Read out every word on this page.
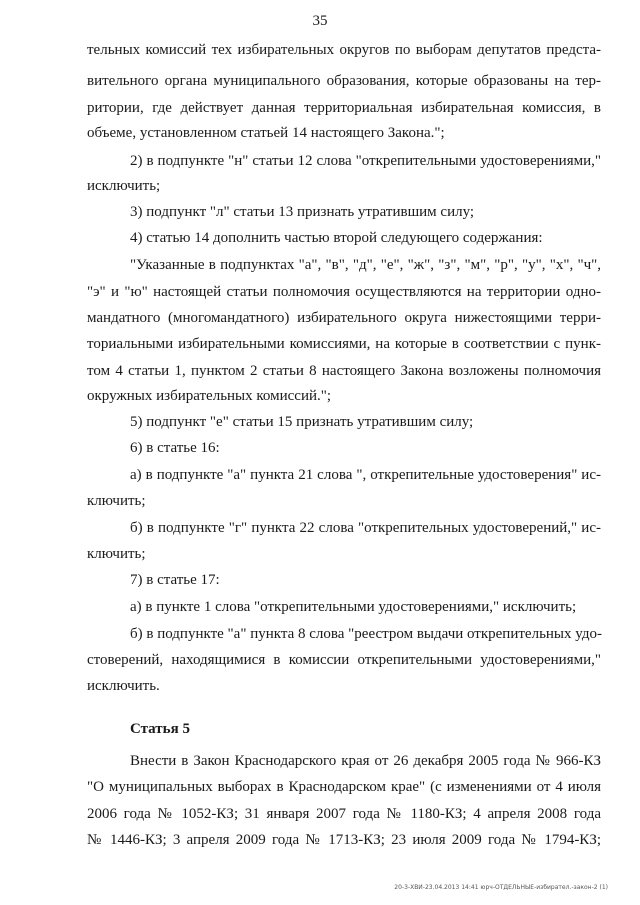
35
тельных комиссий тех избирательных округов по выборам депутатов предста-
вительного органа муниципального образования, которые образованы на тер-
ритории, где действует данная территориальная избирательная комиссия, в
объеме, установленном статьей 14 настоящего Закона.";
2) в подпункте "н" статьи 12 слова "открепительными удостоверениями,"
исключить;
3) подпункт "л" статьи 13 признать утратившим силу;
4) статью 14 дополнить частью второй следующего содержания:
"Указанные в подпунктах "а", "в", "д", "е", "ж", "з", "м", "р", "у", "х", "ч",
"э" и "ю" настоящей статьи полномочия осуществляются на территории одно-
мандатного (многомандатного) избирательного округа нижестоящими терри-
ториальными избирательными комиссиями, на которые в соответствии с пунк-
том 4 статьи 1, пунктом 2 статьи 8 настоящего Закона возложены полномочия
окружных избирательных комиссий.";
5) подпункт "е" статьи 15 признать утратившим силу;
6) в статье 16:
а) в подпункте "а" пункта 21 слова ", открепительные удостоверения" ис-
ключить;
б) в подпункте "г" пункта 22 слова "открепительных удостоверений," ис-
ключить;
7) в статье 17:
а) в пункте 1 слова "открепительными удостоверениями," исключить;
б) в подпункте "а" пункта 8 слова "реестром выдачи открепительных удо-
стоверений, находящимися в комиссии открепительными удостоверениями,"
исключить.
Статья 5
Внести в Закон Краснодарского края от 26 декабря 2005 года № 966-КЗ
"О муниципальных выборах в Краснодарском крае" (с изменениями от 4 июля
2006 года № 1052-КЗ; 31 января 2007 года № 1180-КЗ; 4 апреля 2008 года
№ 1446-КЗ; 3 апреля 2009 года № 1713-КЗ; 23 июля 2009 года № 1794-КЗ;
20-3-ХВИ-23.04.2013 14:41 юрч-ОТДЕЛЬНЫЕ-избирател.-закон-2 (1)
